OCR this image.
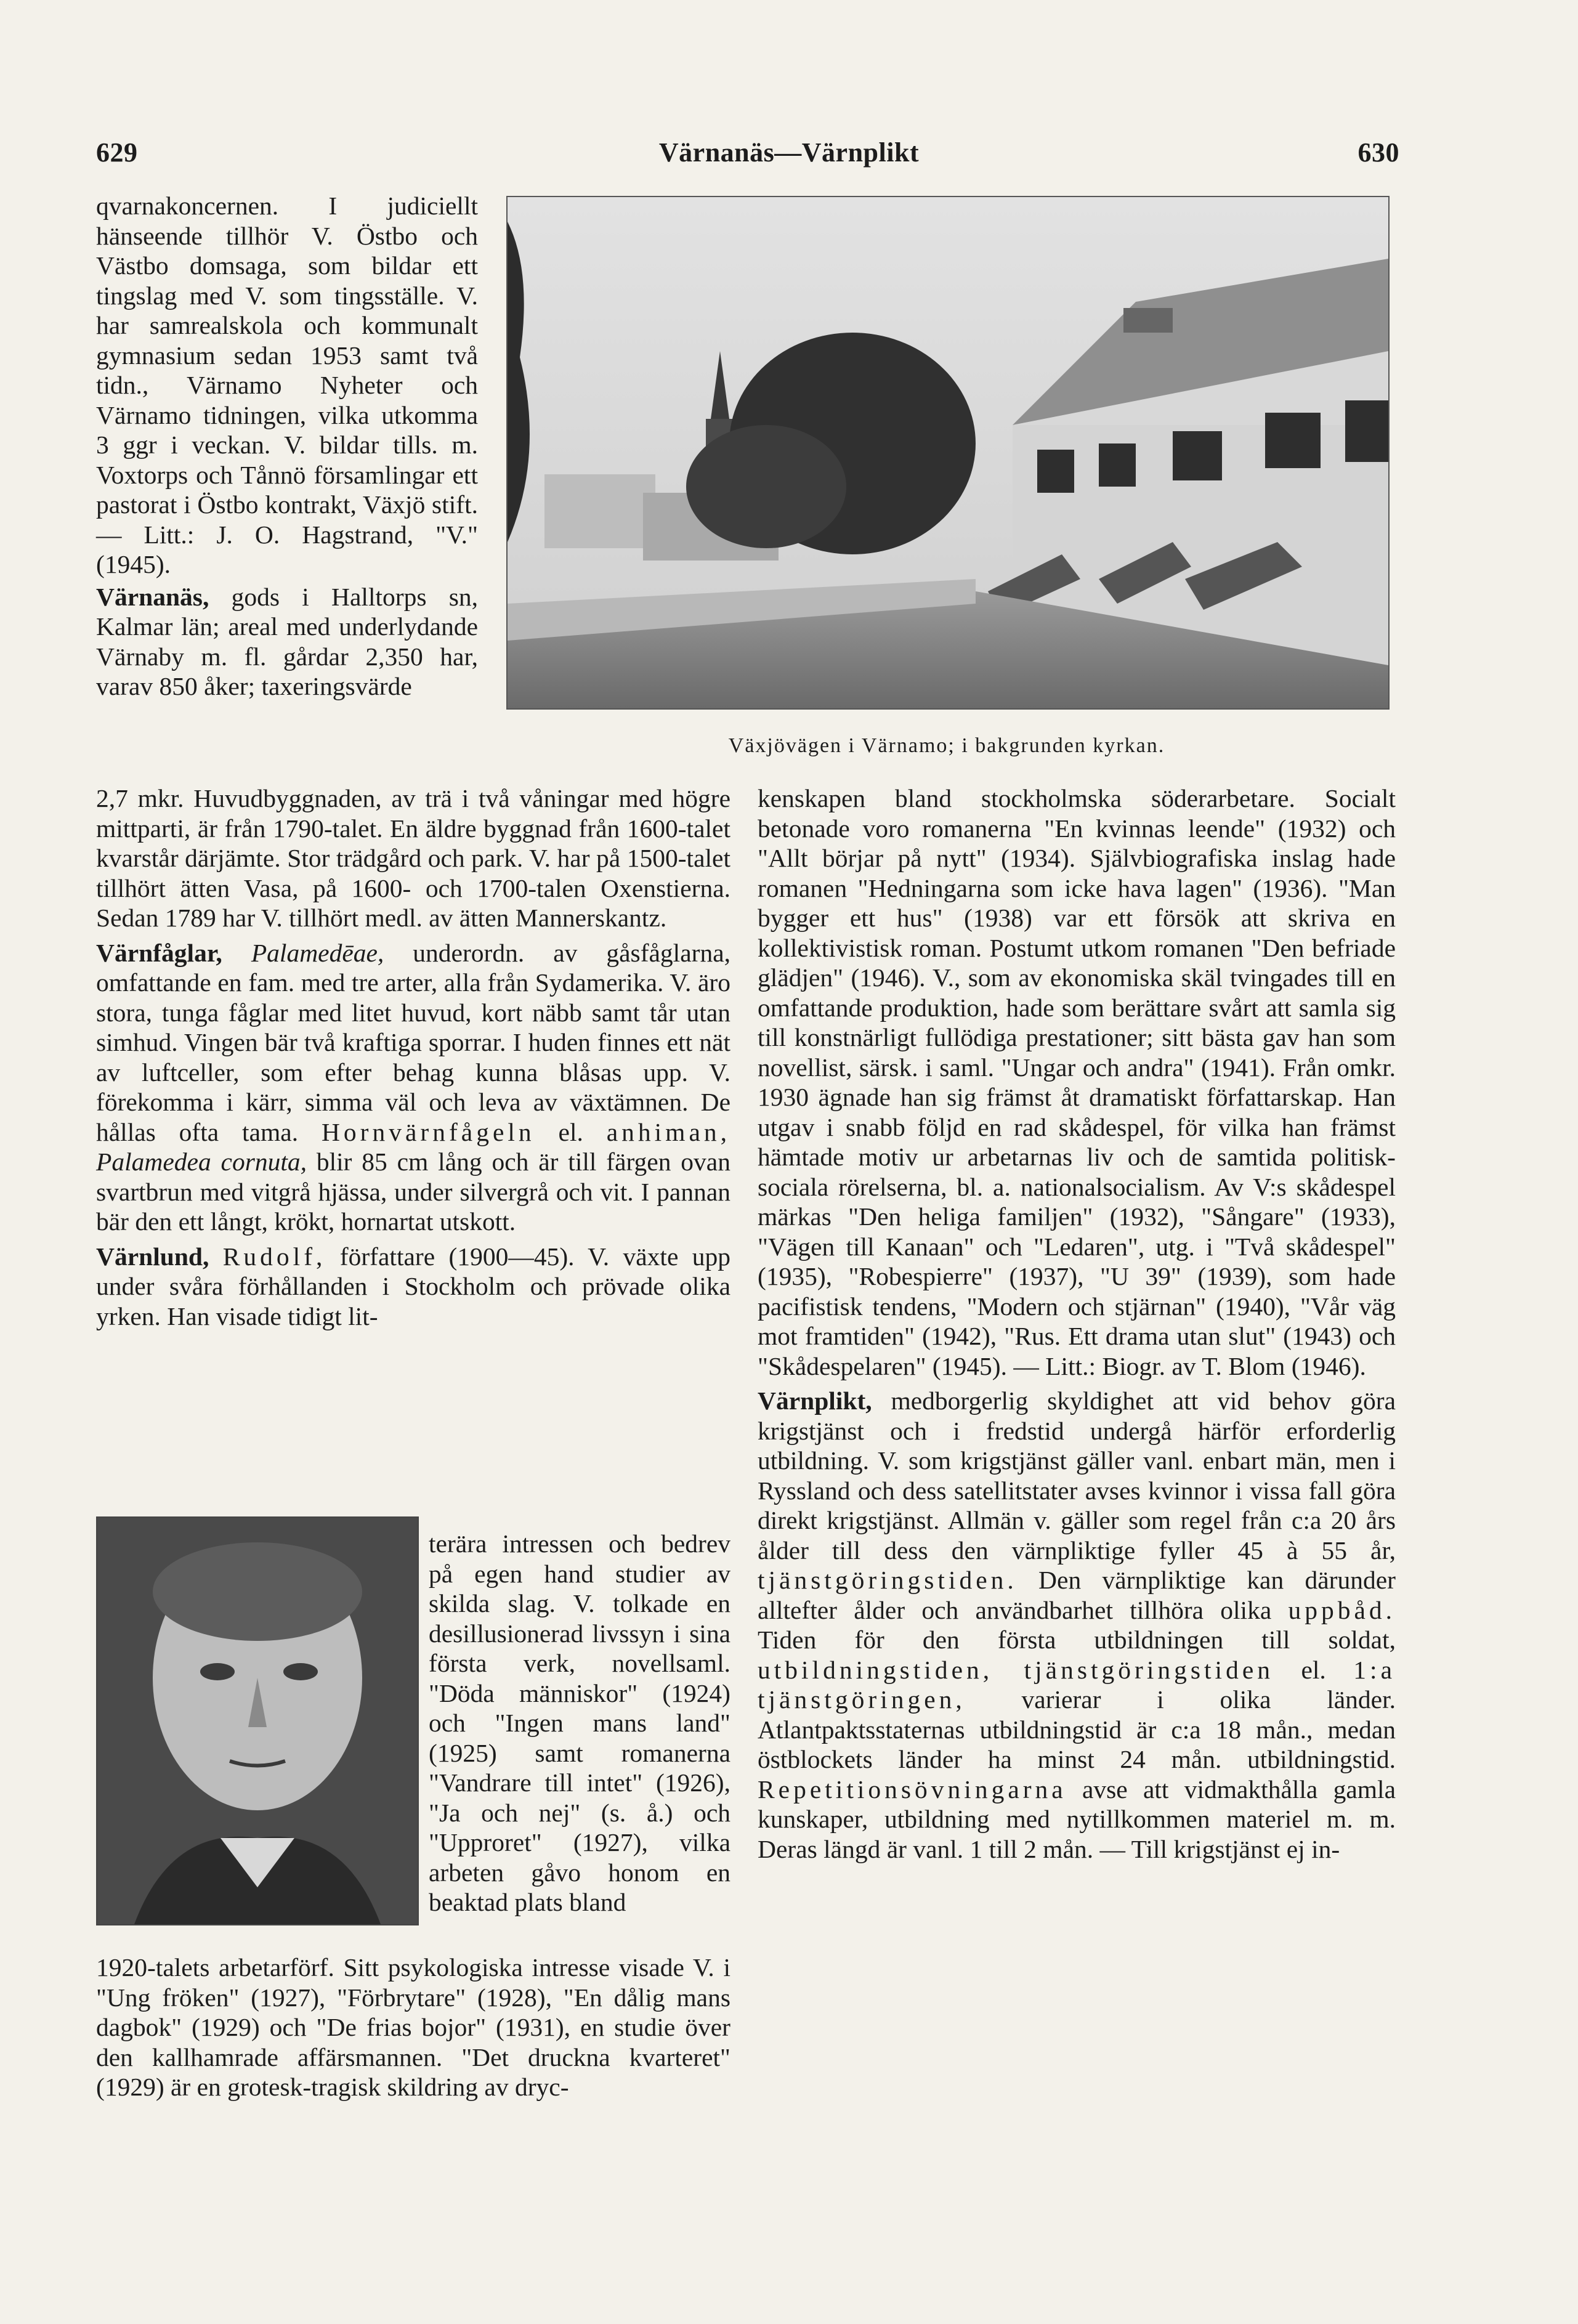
629	Värnanäs—Värnplikt	630
Växjövägen i Värnamo; i bakgrunden kyrkan.

qvarnakoncernen. I judiciellt hänseende tillhör V. Östbo och Västbo domsaga, som bildar ett tingslag med V. som tingsställe. V. har samrealskola och kommunalt gymnasium sedan 1953 samt två tidn., Värnamo Nyheter och Värnamo tidningen, vilka utkomma 3 ggr i veckan. V. bildar tills. m. Voxtorps och Tånnö församlingar ett pastorat i Östbo kontrakt, Växjö stift. — Litt.: J. O. Hagstrand, "V." (1945).

Värnanäs, gods i Halltorps sn, Kalmar län; areal med underlydande Värnaby m. fl. gårdar 2,350 har, varav 850 åker; taxeringsvärde

2,7 mkr. Huvudbyggnaden, av trä i två våningar med högre mittparti, är från 1790-talet. En äldre byggnad från 1600-talet kvarstår därjämte. Stor trädgård och park. V. har på 1500-talet tillhört ätten Vasa, på 1600- och 1700-talen Oxenstierna. Sedan 1789 har V. tillhört medl. av ätten Mannerskantz.

Värnfåglar, Palamedēae, underordn. av gåsfåglarna, omfattande en fam. med tre arter, alla från Sydamerika. V. äro stora, tunga fåglar med litet huvud, kort näbb samt tår utan simhud. Vingen bär två kraftiga sporrar. I huden finnes ett nät av luftceller, som efter behag kunna blåsas upp. V. förekomma i kärr, simma väl och leva av växtämnen. De hållas ofta tama. Hornvärnfågeln el. anhiman, Palamedea cornuta, blir 85 cm lång och är till färgen ovan svartbrun med vitgrå hjässa, under silvergrå och vit. I pannan bär den ett långt, krökt, hornartat utskott.

Värnlund, Rudolf, författare (1900—45). V. växte upp under svåra förhållanden i Stockholm och prövade olika yrken. Han visade tidigt lit-

terära intressen och bedrev på egen hand studier av skilda slag. V. tolkade en desillusionerad livssyn i sina första verk, novellsaml. "Döda människor" (1924) och "Ingen mans land" (1925) samt romanerna "Vandrare till intet" (1926), "Ja och nej" (s. å.) och "Upproret" (1927), vilka arbeten gåvo honom en beaktad plats bland

1920-talets arbetarförf. Sitt psykologiska intresse visade V. i "Ung fröken" (1927), "Förbrytare" (1928), "En dålig mans dagbok" (1929) och "De frias bojor" (1931), en studie över den kallhamrade affärsmannen. "Det druckna kvarteret" (1929) är en grotesk-tragisk skildring av dryc-

kenskapen bland stockholmska söderarbetare. Socialt betonade voro romanerna "En kvinnas leende" (1932) och "Allt börjar på nytt" (1934). Självbiografiska inslag hade romanen "Hedningarna som icke hava lagen" (1936). "Man bygger ett hus" (1938) var ett försök att skriva en kollektivistisk roman. Postumt utkom romanen "Den befriade glädjen" (1946). V., som av ekonomiska skäl tvingades till en omfattande produktion, hade som berättare svårt att samla sig till konstnärligt fullödiga prestationer; sitt bästa gav han som novellist, särsk. i saml. "Ungar och andra" (1941). Från omkr. 1930 ägnade han sig främst åt dramatiskt författarskap. Han utgav i snabb följd en rad skådespel, för vilka han främst hämtade motiv ur arbetarnas liv och de samtida politisk-sociala rörelserna, bl. a. nationalsocialism. Av V:s skådespel märkas "Den heliga familjen" (1932), "Sångare" (1933), "Vägen till Kanaan" och "Ledaren", utg. i "Två skådespel" (1935), "Robespierre" (1937), "U 39" (1939), som hade pacifistisk tendens, "Modern och stjärnan" (1940), "Vår väg mot framtiden" (1942), "Rus. Ett drama utan slut" (1943) och "Skådespelaren" (1945). — Litt.: Biogr. av T. Blom (1946).

Värnplikt, medborgerlig skyldighet att vid behov göra krigstjänst och i fredstid undergå härför erforderlig utbildning. V. som krigstjänst gäller vanl. enbart män, men i Ryssland och dess satellitstater avses kvinnor i vissa fall göra direkt krigstjänst. Allmän v. gäller som regel från c:a 20 års ålder till dess den värnpliktige fyller 45 à 55 år, tjänstgöringstiden. Den värnpliktige kan därunder alltefter ålder och användbarhet tillhöra olika uppbåd. Tiden för den första utbildningen till soldat, utbildningstiden, tjänstgöringstiden el. 1:a tjänstgöringen, varierar i olika länder. Atlantpaktsstaternas utbildningstid är c:a 18 mån., medan östblockets länder ha minst 24 mån. utbildningstid. Repetitionsövningarna avse att vidmakthålla gamla kunskaper, utbildning med nytillkommen materiel m. m. Deras längd är vanl. 1 till 2 mån. — Till krigstjänst ej in-
